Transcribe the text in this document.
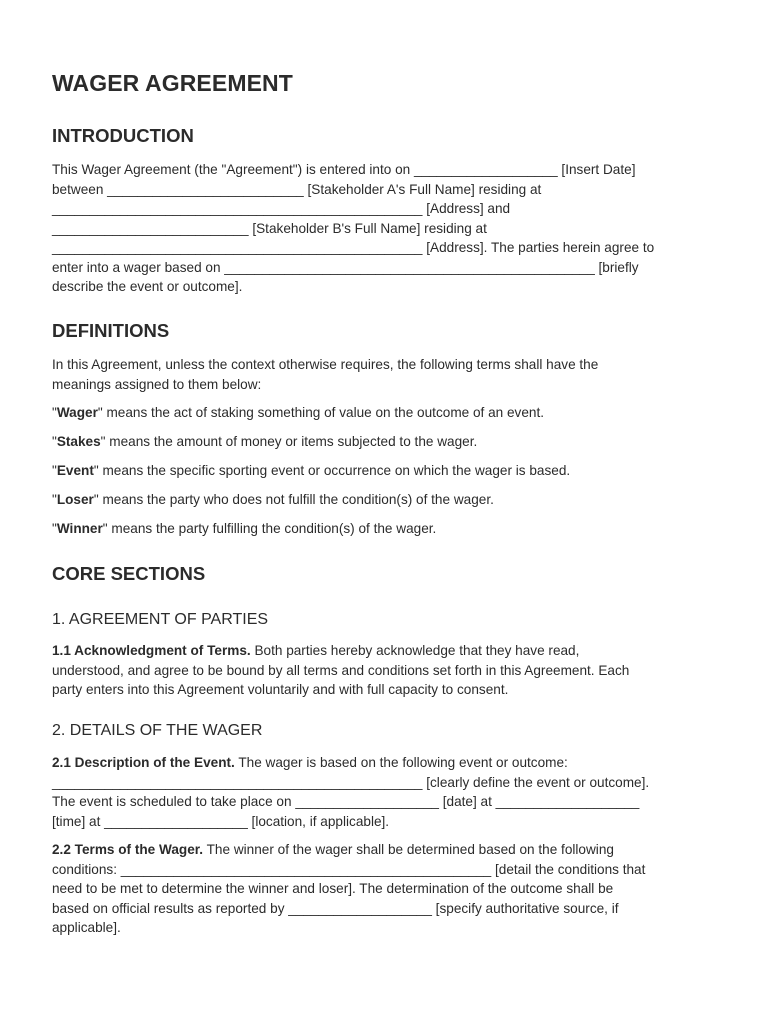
WAGER AGREEMENT
INTRODUCTION
This Wager Agreement (the "Agreement") is entered into on ___________________ [Insert Date]
between __________________________ [Stakeholder A's Full Name] residing at
_________________________________________________ [Address] and
__________________________ [Stakeholder B's Full Name] residing at
_________________________________________________ [Address]. The parties herein agree to
enter into a wager based on _________________________________________________ [briefly
describe the event or outcome].
DEFINITIONS
In this Agreement, unless the context otherwise requires, the following terms shall have the
meanings assigned to them below:
"Wager" means the act of staking something of value on the outcome of an event.
"Stakes" means the amount of money or items subjected to the wager.
"Event" means the specific sporting event or occurrence on which the wager is based.
"Loser" means the party who does not fulfill the condition(s) of the wager.
"Winner" means the party fulfilling the condition(s) of the wager.
CORE SECTIONS
1. AGREEMENT OF PARTIES
1.1 Acknowledgment of Terms. Both parties hereby acknowledge that they have read,
understood, and agree to be bound by all terms and conditions set forth in this Agreement. Each
party enters into this Agreement voluntarily and with full capacity to consent.
2. DETAILS OF THE WAGER
2.1 Description of the Event. The wager is based on the following event or outcome:
_________________________________________________ [clearly define the event or outcome].
The event is scheduled to take place on ___________________ [date] at ___________________
[time] at ___________________ [location, if applicable].
2.2 Terms of the Wager. The winner of the wager shall be determined based on the following
conditions: _________________________________________________ [detail the conditions that
need to be met to determine the winner and loser]. The determination of the outcome shall be
based on official results as reported by ___________________ [specify authoritative source, if
applicable].
